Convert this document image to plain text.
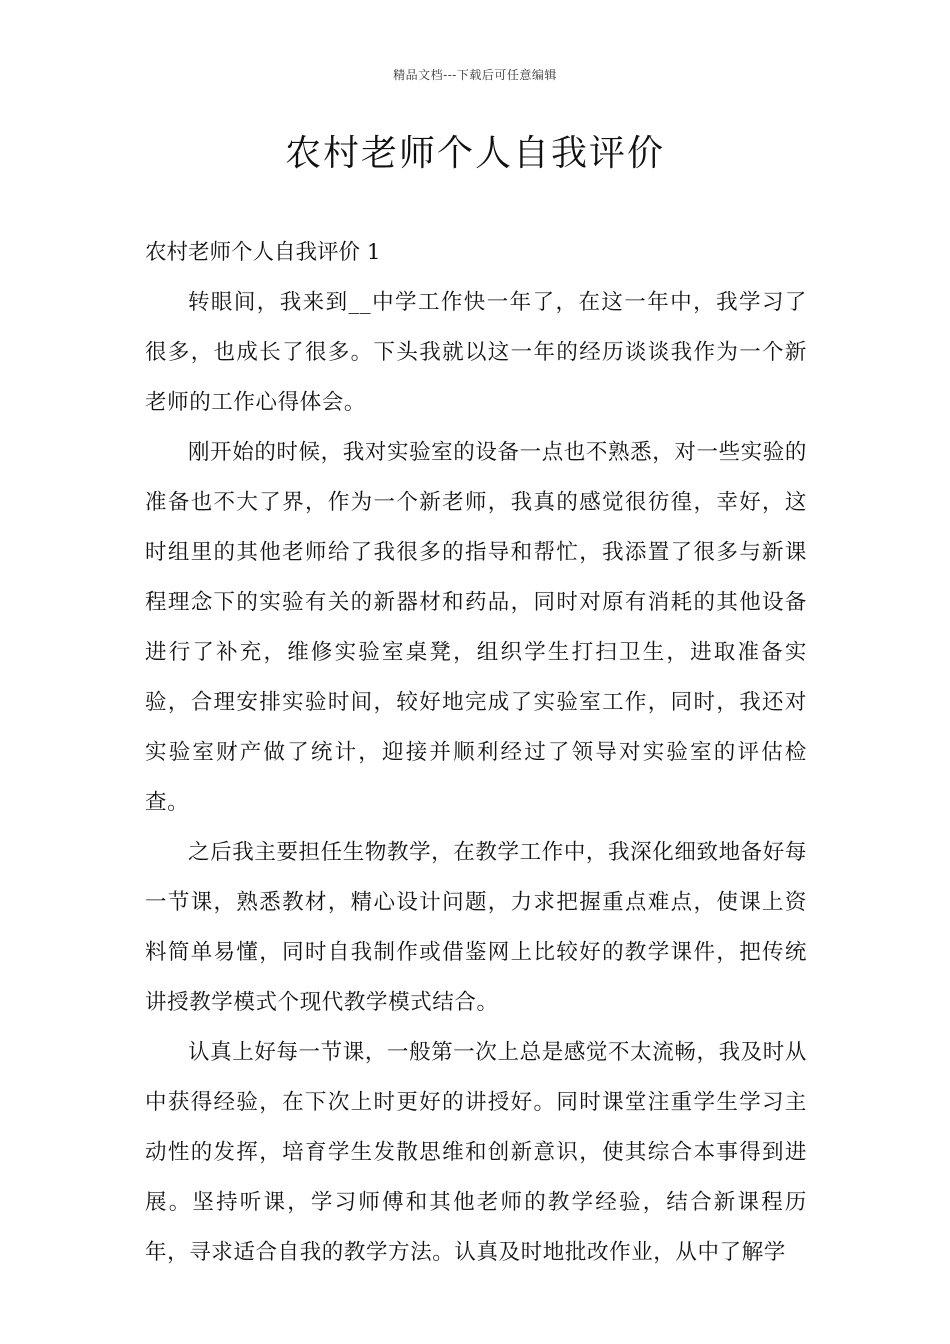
精品文档---下载后可任意编辑
农村老师个人自我评价

农村老师个人自我评价 1

转眼间，我来到__中学工作快一年了，在这一年中，我学习了很多，也成长了很多。下头我就以这一年的经历谈谈我作为一个新老师的工作心得体会。

刚开始的时候，我对实验室的设备一点也不熟悉，对一些实验的准备也不大了界，作为一个新老师，我真的感觉很彷徨，幸好，这时组里的其他老师给了我很多的指导和帮忙，我添置了很多与新课程理念下的实验有关的新器材和药品，同时对原有消耗的其他设备进行了补充，维修实验室桌凳，组织学生打扫卫生，进取准备实验，合理安排实验时间，较好地完成了实验室工作，同时，我还对实验室财产做了统计，迎接并顺利经过了领导对实验室的评估检查。

之后我主要担任生物教学，在教学工作中，我深化细致地备好每一节课，熟悉教材，精心设计问题，力求把握重点难点，使课上资料简单易懂，同时自我制作或借鉴网上比较好的教学课件，把传统讲授教学模式个现代教学模式结合。

认真上好每一节课，一般第一次上总是感觉不太流畅，我及时从中获得经验，在下次上时更好的讲授好。同时课堂注重学生学习主动性的发挥，培育学生发散思维和创新意识，使其综合本事得到进展。坚持听课，学习师傅和其他老师的教学经验，结合新课程历年，寻求适合自我的教学方法。认真及时地批改作业，从中了解学
